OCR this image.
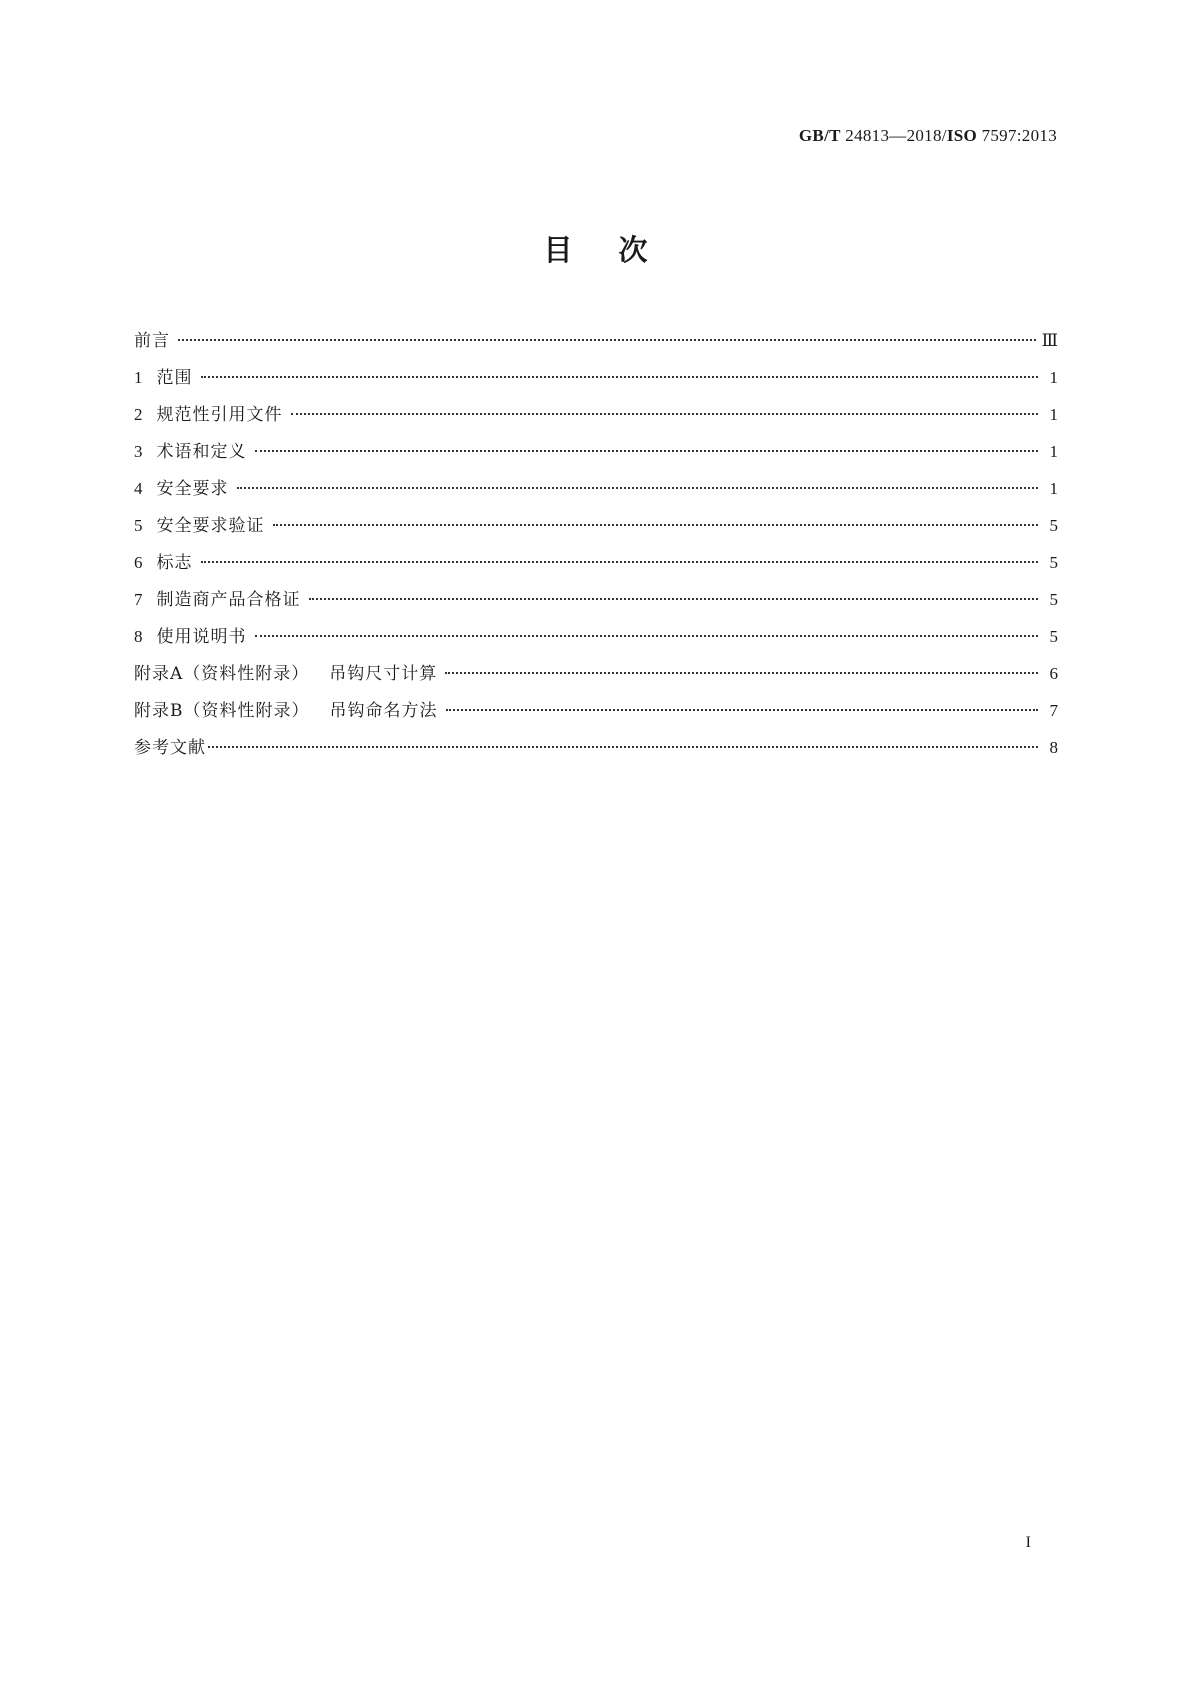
GB/T 24813—2018/ISO 7597:2013
目次
前言	Ⅲ
1 范围	1
2 规范性引用文件	1
3 术语和定义	1
4 安全要求	1
5 安全要求验证	5
6 标志	5
7 制造商产品合格证	5
8 使用说明书	5
附录A（资料性附录） 吊钩尺寸计算	6
附录B（资料性附录） 吊钩命名方法	7
参考文献	8
I
